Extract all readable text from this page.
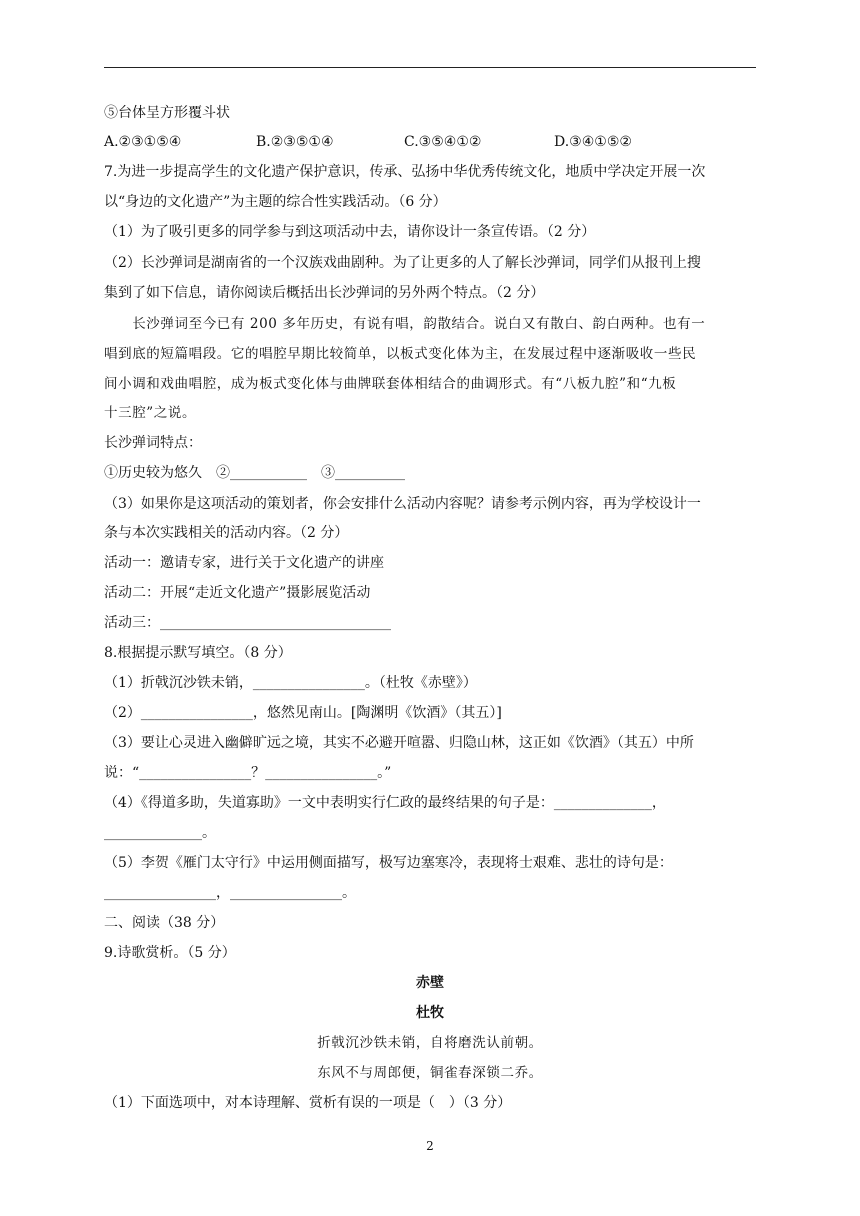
⑤台体呈方形覆斗状
A.②③①⑤④	B.②③⑤①④	C.③⑤④①②	D.③④①⑤②
7.为进一步提高学生的文化遗产保护意识，传承、弘扬中华优秀传统文化，地质中学决定开展一次
以“身边的文化遗产”为主题的综合性实践活动。（6 分）
（1）为了吸引更多的同学参与到这项活动中去，请你设计一条宣传语。（2 分）
（2）长沙弹词是湖南省的一个汉族戏曲剧种。为了让更多的人了解长沙弹词，同学们从报刊上搜
集到了如下信息，请你阅读后概括出长沙弹词的另外两个特点。（2 分）
　　长沙弹词至今已有 200 多年历史，有说有唱，韵散结合。说白又有散白、韵白两种。也有一
唱到底的短篇唱段。它的唱腔早期比较简单，以板式变化体为主，在发展过程中逐渐吸收一些民
间小调和戏曲唱腔，成为板式变化体与曲牌联套体相结合的曲调形式。有“八板九腔”和“九板
十三腔”之说。
长沙弹词特点：
①历史较为悠久　②___________　③__________
（3）如果你是这项活动的策划者，你会安排什么活动内容呢？请参考示例内容，再为学校设计一
条与本次实践相关的活动内容。（2 分）
活动一：邀请专家，进行关于文化遗产的讲座
活动二：开展“走近文化遗产”摄影展览活动
活动三：_________________________________
8.根据提示默写填空。（8 分）
（1）折戟沉沙铁未销，________________。（杜牧《赤壁》）
（2）________________，悠然见南山。[陶渊明《饮酒》（其五）]
（3）要让心灵进入幽僻旷远之境，其实不必避开喧嚣、归隐山林，这正如《饮酒》（其五）中所
说：“________________？________________。”
（4）《得道多助，失道寡助》一文中表明实行仁政的最终结果的句子是：______________，
______________。
（5）李贺《雁门太守行》中运用侧面描写，极写边塞寒冷，表现将士艰难、悲壮的诗句是：
________________，________________。
二、阅读（38 分）
9.诗歌赏析。（5 分）
赤壁
杜牧
折戟沉沙铁未销，自将磨洗认前朝。
东风不与周郎便，铜雀春深锁二乔。
（1）下面选项中，对本诗理解、赏析有误的一项是（　）（3 分）
2
